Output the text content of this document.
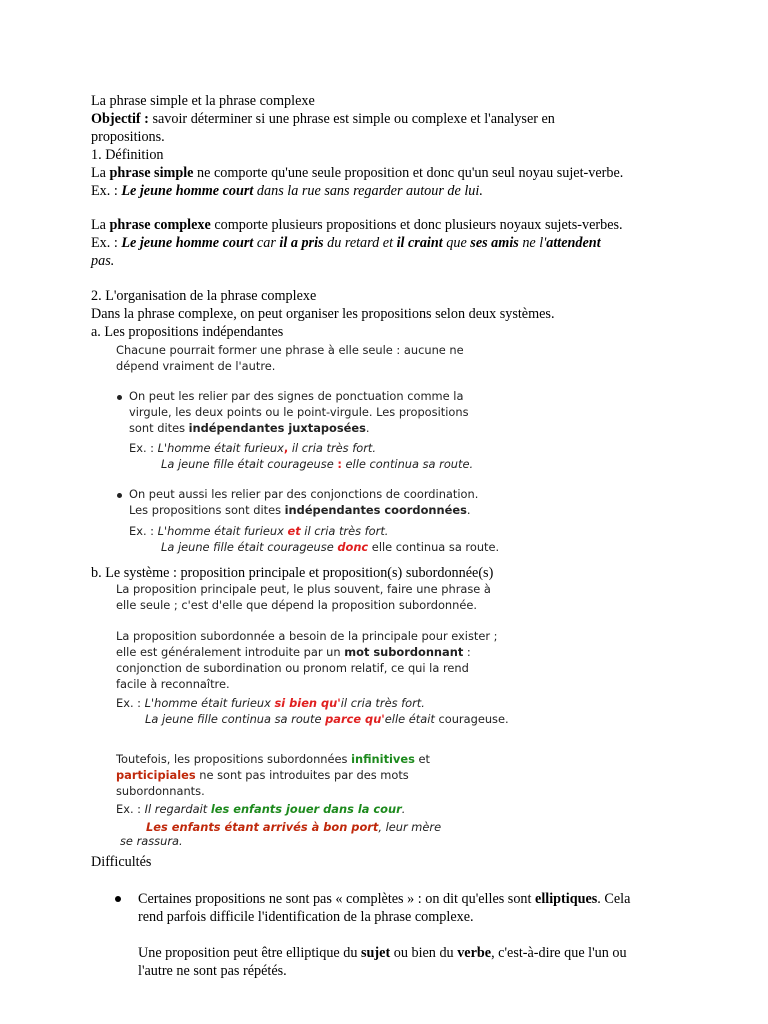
La phrase simple et la phrase complexe
Objectif : savoir déterminer si une phrase est simple ou complexe et l'analyser en
propositions.
1. Définition
La phrase simple ne comporte qu'une seule proposition et donc qu'un seul noyau sujet-verbe.
Ex. : Le jeune homme court dans la rue sans regarder autour de lui.
La phrase complexe comporte plusieurs propositions et donc plusieurs noyaux sujets-verbes.
Ex. : Le jeune homme court car il a pris du retard et il craint que ses amis ne l'attendent
pas.
2. L'organisation de la phrase complexe
Dans la phrase complexe, on peut organiser les propositions selon deux systèmes.
a. Les propositions indépendantes
Chacune pourrait former une phrase à elle seule : aucune ne
dépend vraiment de l'autre.
On peut les relier par des signes de ponctuation comme la
virgule, les deux points ou le point-virgule. Les propositions
sont dites indépendantes juxtaposées.
Ex. : L'homme était furieux, il cria très fort.
La jeune fille était courageuse : elle continua sa route.
On peut aussi les relier par des conjonctions de coordination.
Les propositions sont dites indépendantes coordonnées.
Ex. : L'homme était furieux et il cria très fort.
La jeune fille était courageuse donc elle continua sa route.
b. Le système : proposition principale et proposition(s) subordonnée(s)
La proposition principale peut, le plus souvent, faire une phrase à
elle seule ; c'est d'elle que dépend la proposition subordonnée.
La proposition subordonnée a besoin de la principale pour exister ;
elle est généralement introduite par un mot subordonnant :
conjonction de subordination ou pronom relatif, ce qui la rend
facile à reconnaître.
Ex. : L'homme était furieux si bien qu'il cria très fort.
La jeune fille continua sa route parce qu'elle était courageuse.
Toutefois, les propositions subordonnées infinitives et
participiales ne sont pas introduites par des mots
subordonnants.
Ex. : Il regardait les enfants jouer dans la cour.
Les enfants étant arrivés à bon port, leur mère
se rassura.
Difficultés
Certaines propositions ne sont pas « complètes » : on dit qu'elles sont elliptiques. Cela
rend parfois difficile l'identification de la phrase complexe.
Une proposition peut être elliptique du sujet ou bien du verbe, c'est-à-dire que l'un ou
l'autre ne sont pas répétés.
